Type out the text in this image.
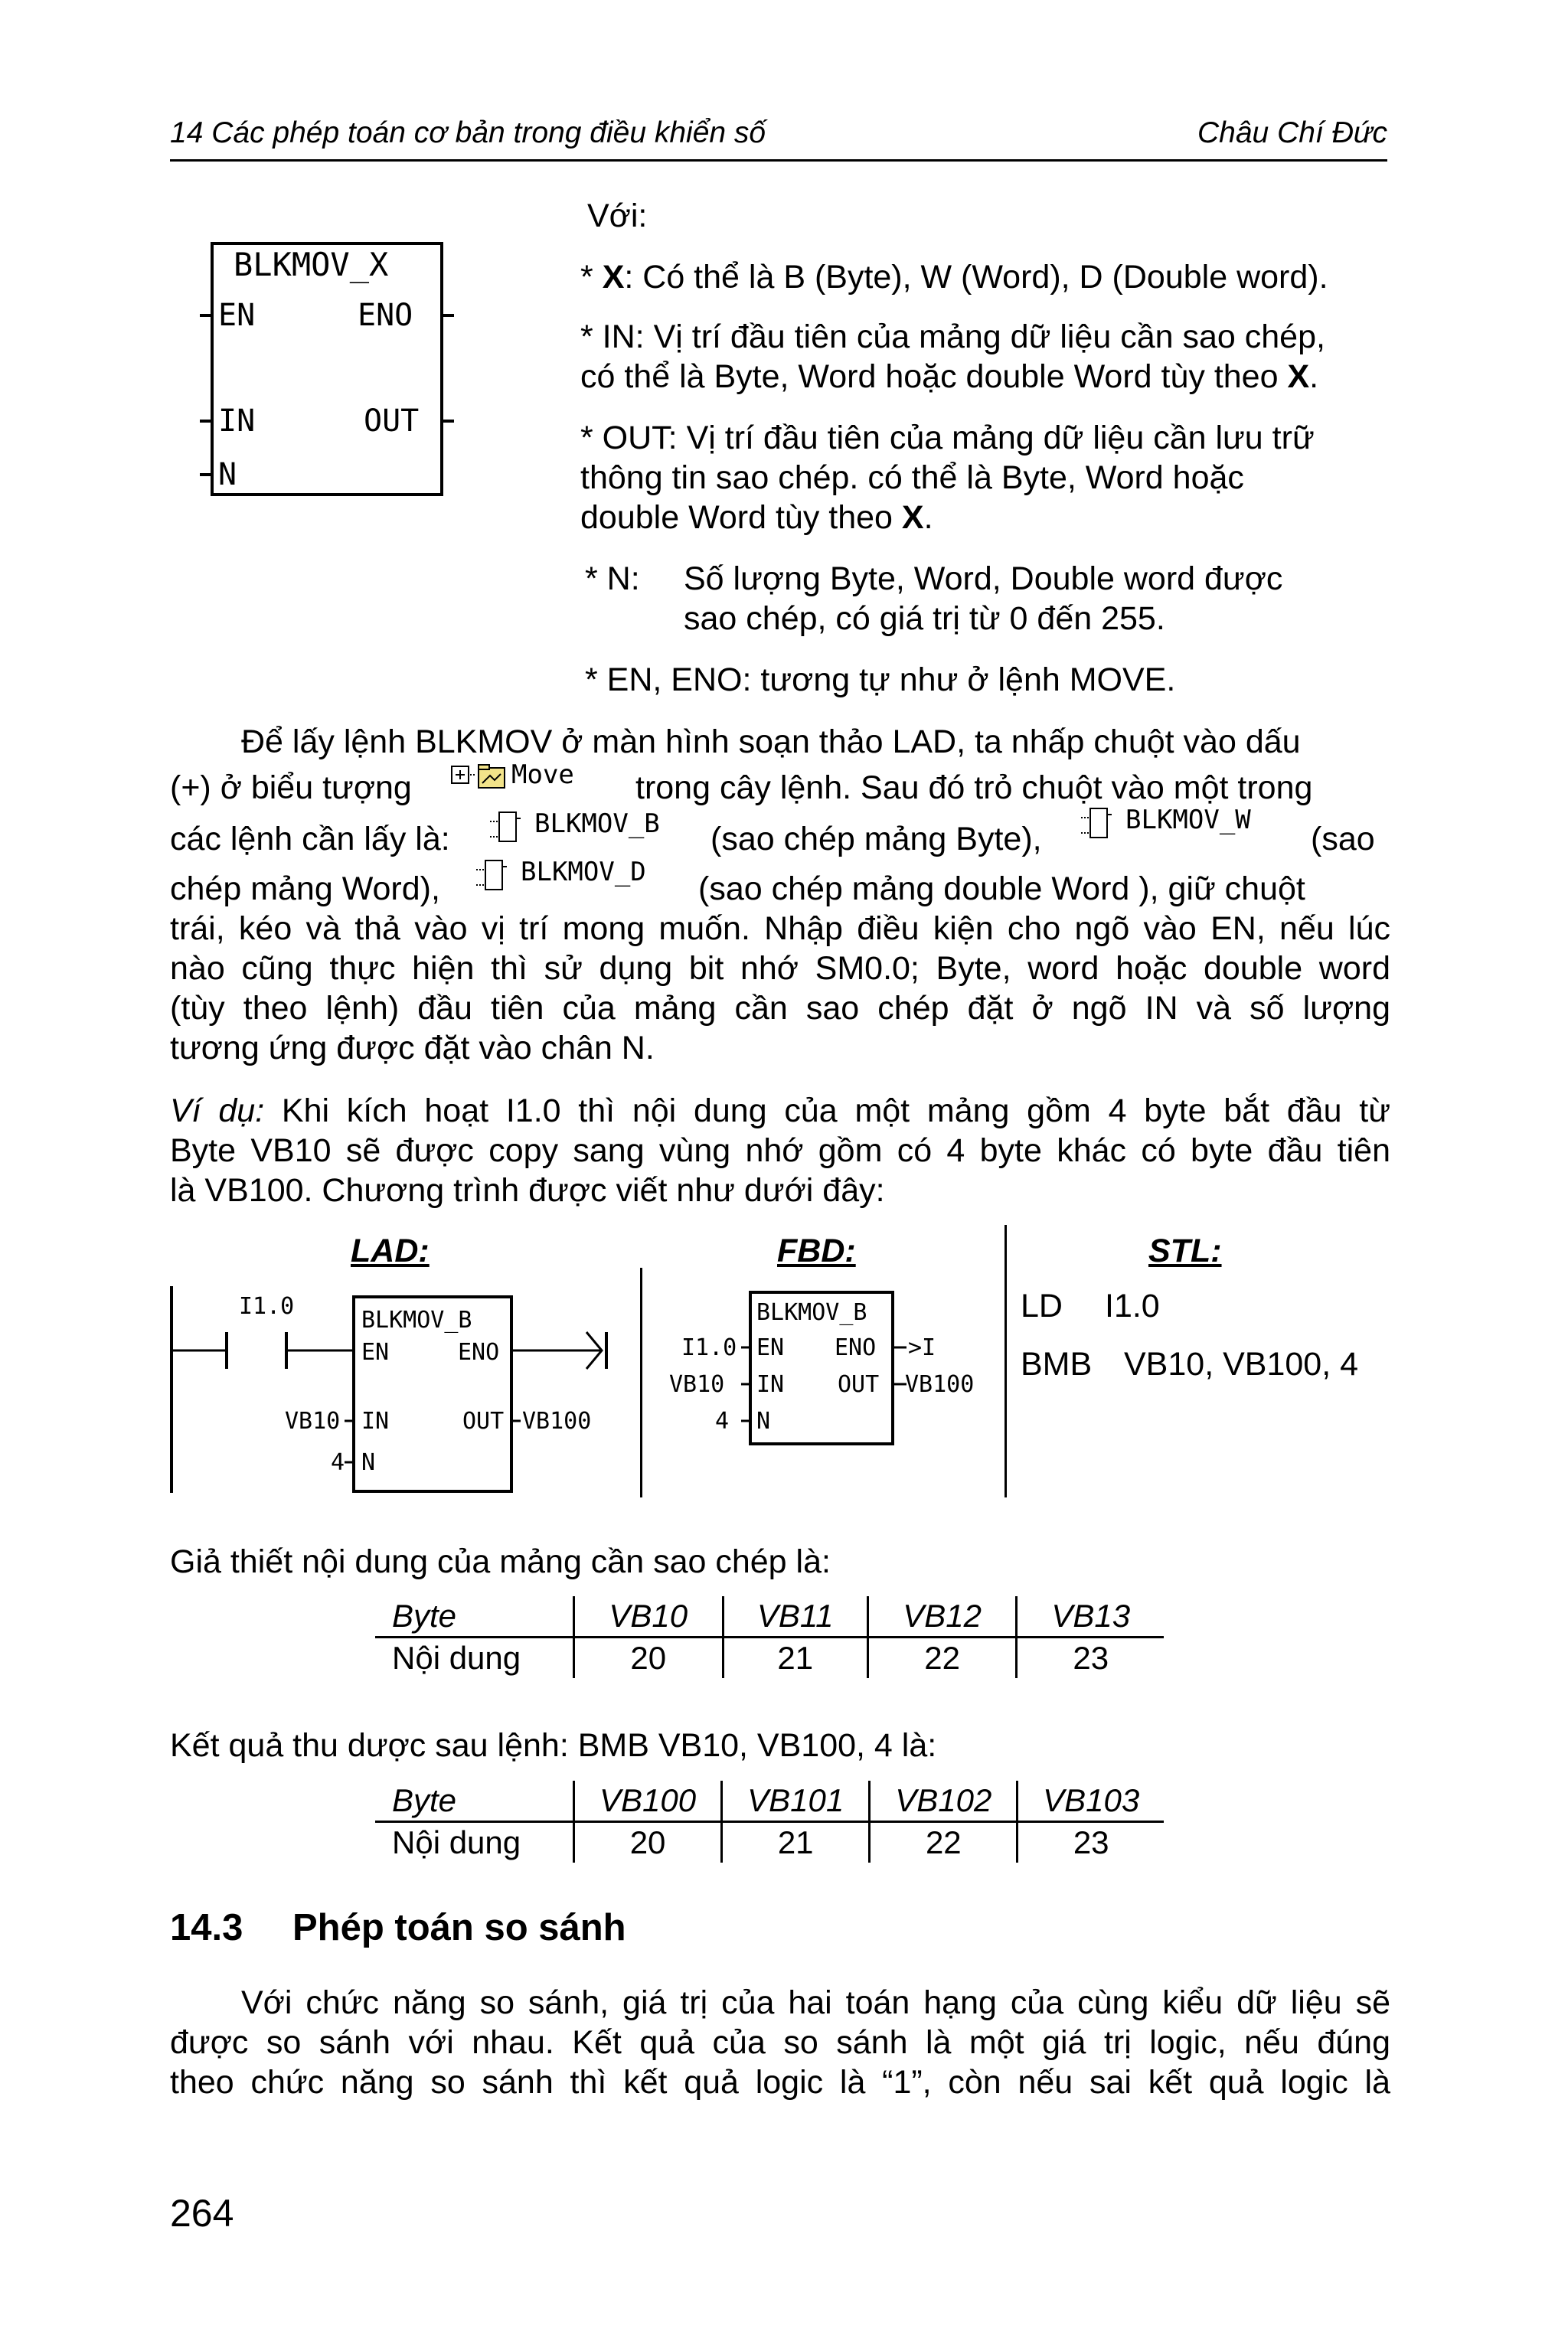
14 Các phép toán cơ bản trong điều khiển số	Châu Chí Đức
BLKMOV_X
EN	ENO
IN	OUT
N
Với:
* X: Có thể là B (Byte), W (Word), D (Double word).
* IN: Vị trí đầu tiên của mảng dữ liệu cần sao chép,
có thể là Byte, Word hoặc double Word tùy theo X.
* OUT: Vị trí đầu tiên của mảng dữ liệu cần lưu trữ
thông tin sao chép. có thể là Byte, Word hoặc
double Word tùy theo X.
* N: Số lượng Byte, Word, Double word được
sao chép, có giá trị từ 0 đến 255.
* EN, ENO: tương tự như ở lệnh MOVE.
Để lấy lệnh BLKMOV ở màn hình soạn thảo LAD, ta nhấp chuột vào dấu
(+) ở biểu tượng	Move trong cây lệnh. Sau đó trỏ chuột vào một trong
các lệnh cần lấy là:	BLKMOV_B (sao chép mảng Byte),
BLKMOV_W
(sao
chép mảng Word),	BLKMOV_D (sao chép mảng double Word ), giữ chuột
trái, kéo và thả vào vị trí mong muốn. Nhập điều kiện cho ngõ vào EN, nếu lúc
nào cũng thực hiện thì sử dụng bit nhớ SM0.0; Byte, word hoặc double word
(tùy theo lệnh) đầu tiên của mảng cần sao chép đặt ở ngõ IN và số lượng
tương ứng được đặt vào chân N.
Ví dụ: Khi kích hoạt I1.0 thì nội dung của một mảng gồm 4 byte bắt đầu từ
Byte VB10 sẽ được copy sang vùng nhớ gồm có 4 byte khác có byte đầu tiên
là VB100. Chương trình được viết như dưới đây:
LAD:	FBD:	STL:
I1.0
BLKMOV_B
EN	ENO
IN	OUT
VB10	VB100
N
4
BLKMOV_B
EN ENO
I1.0	>I
IN OUT
VB10	VB100
N
4
LD I1.0
BMB VB10, VB100, 4
Giả thiết nội dung của mảng cần sao chép là:
Byte	VB10	VB11	VB12	VB13
Nội dung	20	21	22	23
Kết quả thu dược sau lệnh: BMB VB10, VB100, 4 là:
Byte	VB100	VB101	VB102	VB103
Nội dung	20	21	22	23
14.3 Phép toán so sánh
Với chức năng so sánh, giá trị của hai toán hạng của cùng kiểu dữ liệu sẽ
được so sánh với nhau. Kết quả của so sánh là một giá trị logic, nếu đúng
theo chức năng so sánh thì kết quả logic là “1”, còn nếu sai kết quả logic là
264
